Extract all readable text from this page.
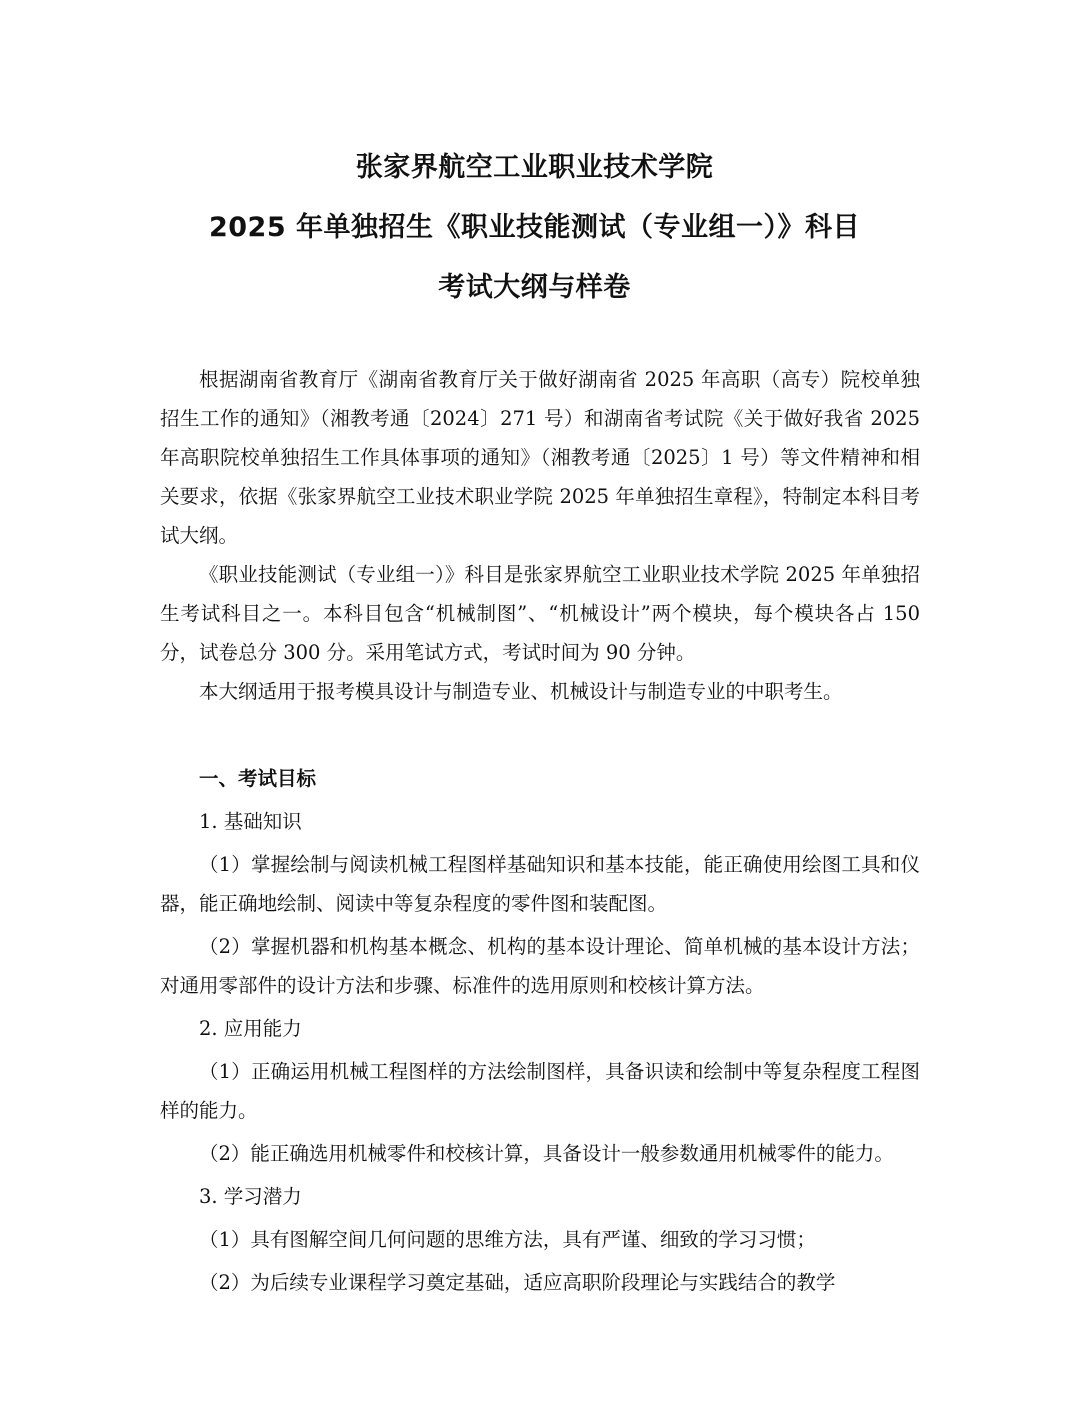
张家界航空工业职业技术学院
2025 年单独招生《职业技能测试（专业组一）》科目
考试大纲与样卷

根据湖南省教育厅《湖南省教育厅关于做好湖南省 2025 年高职（高专）院校单独招生工作的通知》（湘教考通〔2024〕271 号）和湖南省考试院《关于做好我省 2025 年高职院校单独招生工作具体事项的通知》（湘教考通〔2025〕1 号）等文件精神和相关要求，依据《张家界航空工业技术职业学院 2025 年单独招生章程》，特制定本科目考试大纲。

《职业技能测试（专业组一）》科目是张家界航空工业职业技术学院 2025 年单独招生考试科目之一。本科目包含“机械制图”、“机械设计”两个模块，每个模块各占 150 分，试卷总分 300 分。采用笔试方式，考试时间为 90 分钟。

本大纲适用于报考模具设计与制造专业、机械设计与制造专业的中职考生。

一、考试目标
1. 基础知识

（1）掌握绘制与阅读机械工程图样基础知识和基本技能，能正确使用绘图工具和仪器，能正确地绘制、阅读中等复杂程度的零件图和装配图。

（2）掌握机器和机构基本概念、机构的基本设计理论、简单机械的基本设计方法；对通用零部件的设计方法和步骤、标准件的选用原则和校核计算方法。

2. 应用能力

（1）正确运用机械工程图样的方法绘制图样，具备识读和绘制中等复杂程度工程图样的能力。

（2）能正确选用机械零件和校核计算，具备设计一般参数通用机械零件的能力。

3. 学习潜力

（1）具有图解空间几何问题的思维方法，具有严谨、细致的学习习惯；

（2）为后续专业课程学习奠定基础，适应高职阶段理论与实践结合的教学
